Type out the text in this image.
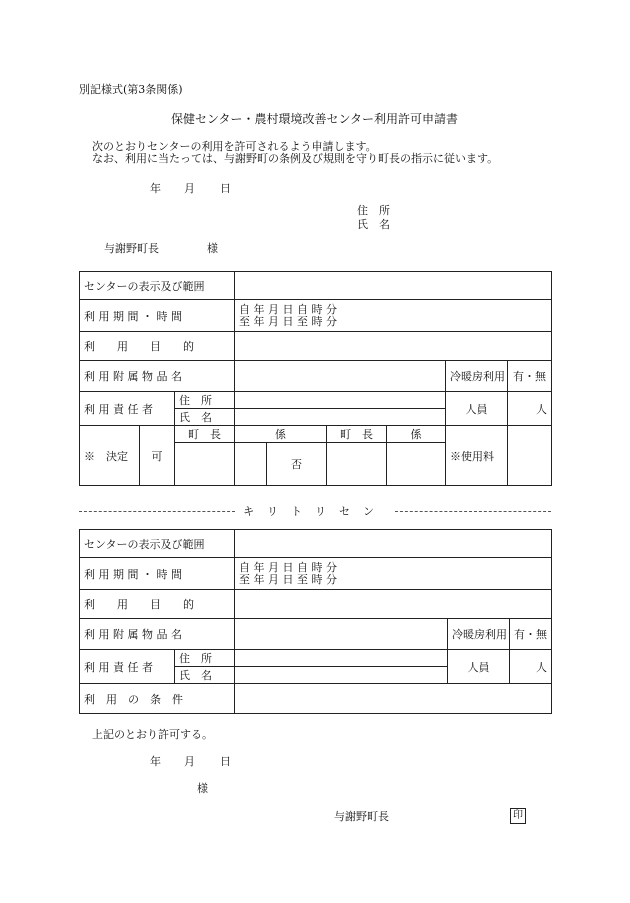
別記様式(第3条関係)
保健センター・農村環境改善センター利用許可申請書
次のとおりセンターの利用を許可されるよう申請します。
なお、利用に当たっては、与謝野町の条例及び規則を守り町長の指示に従います。
年 月 日
住　所
氏　名
与謝野町長	様
センターの表示及び範囲								
利 用 期 間 ・ 時 間			自 年 月 日 自 時 分
至 年 月 日 至 時 分					

利　　用　　目　　的								
利 用 附 属 物 品 名							冷暖房利用	有・無
利 用 責 任 者		住　所					人員	人
		氏　名						
※　 決定	可	町　長	係		町　長	係	※使用料	
				否				
キリトリセン
センターの表示及び範囲				
利 用 期 間 ・ 時 間		自 年 月 日 自 時 分
至 年 月 日 至 時 分		

利　　用　　目　　的				
利 用 附 属 物 品 名			冷暖房利用	有・無
利 用 責 任 者	住　所		人員	人
	氏　名			
利　用　の　条　件				
上記のとおり許可する。
年 月 日
様
与謝野町長	印
